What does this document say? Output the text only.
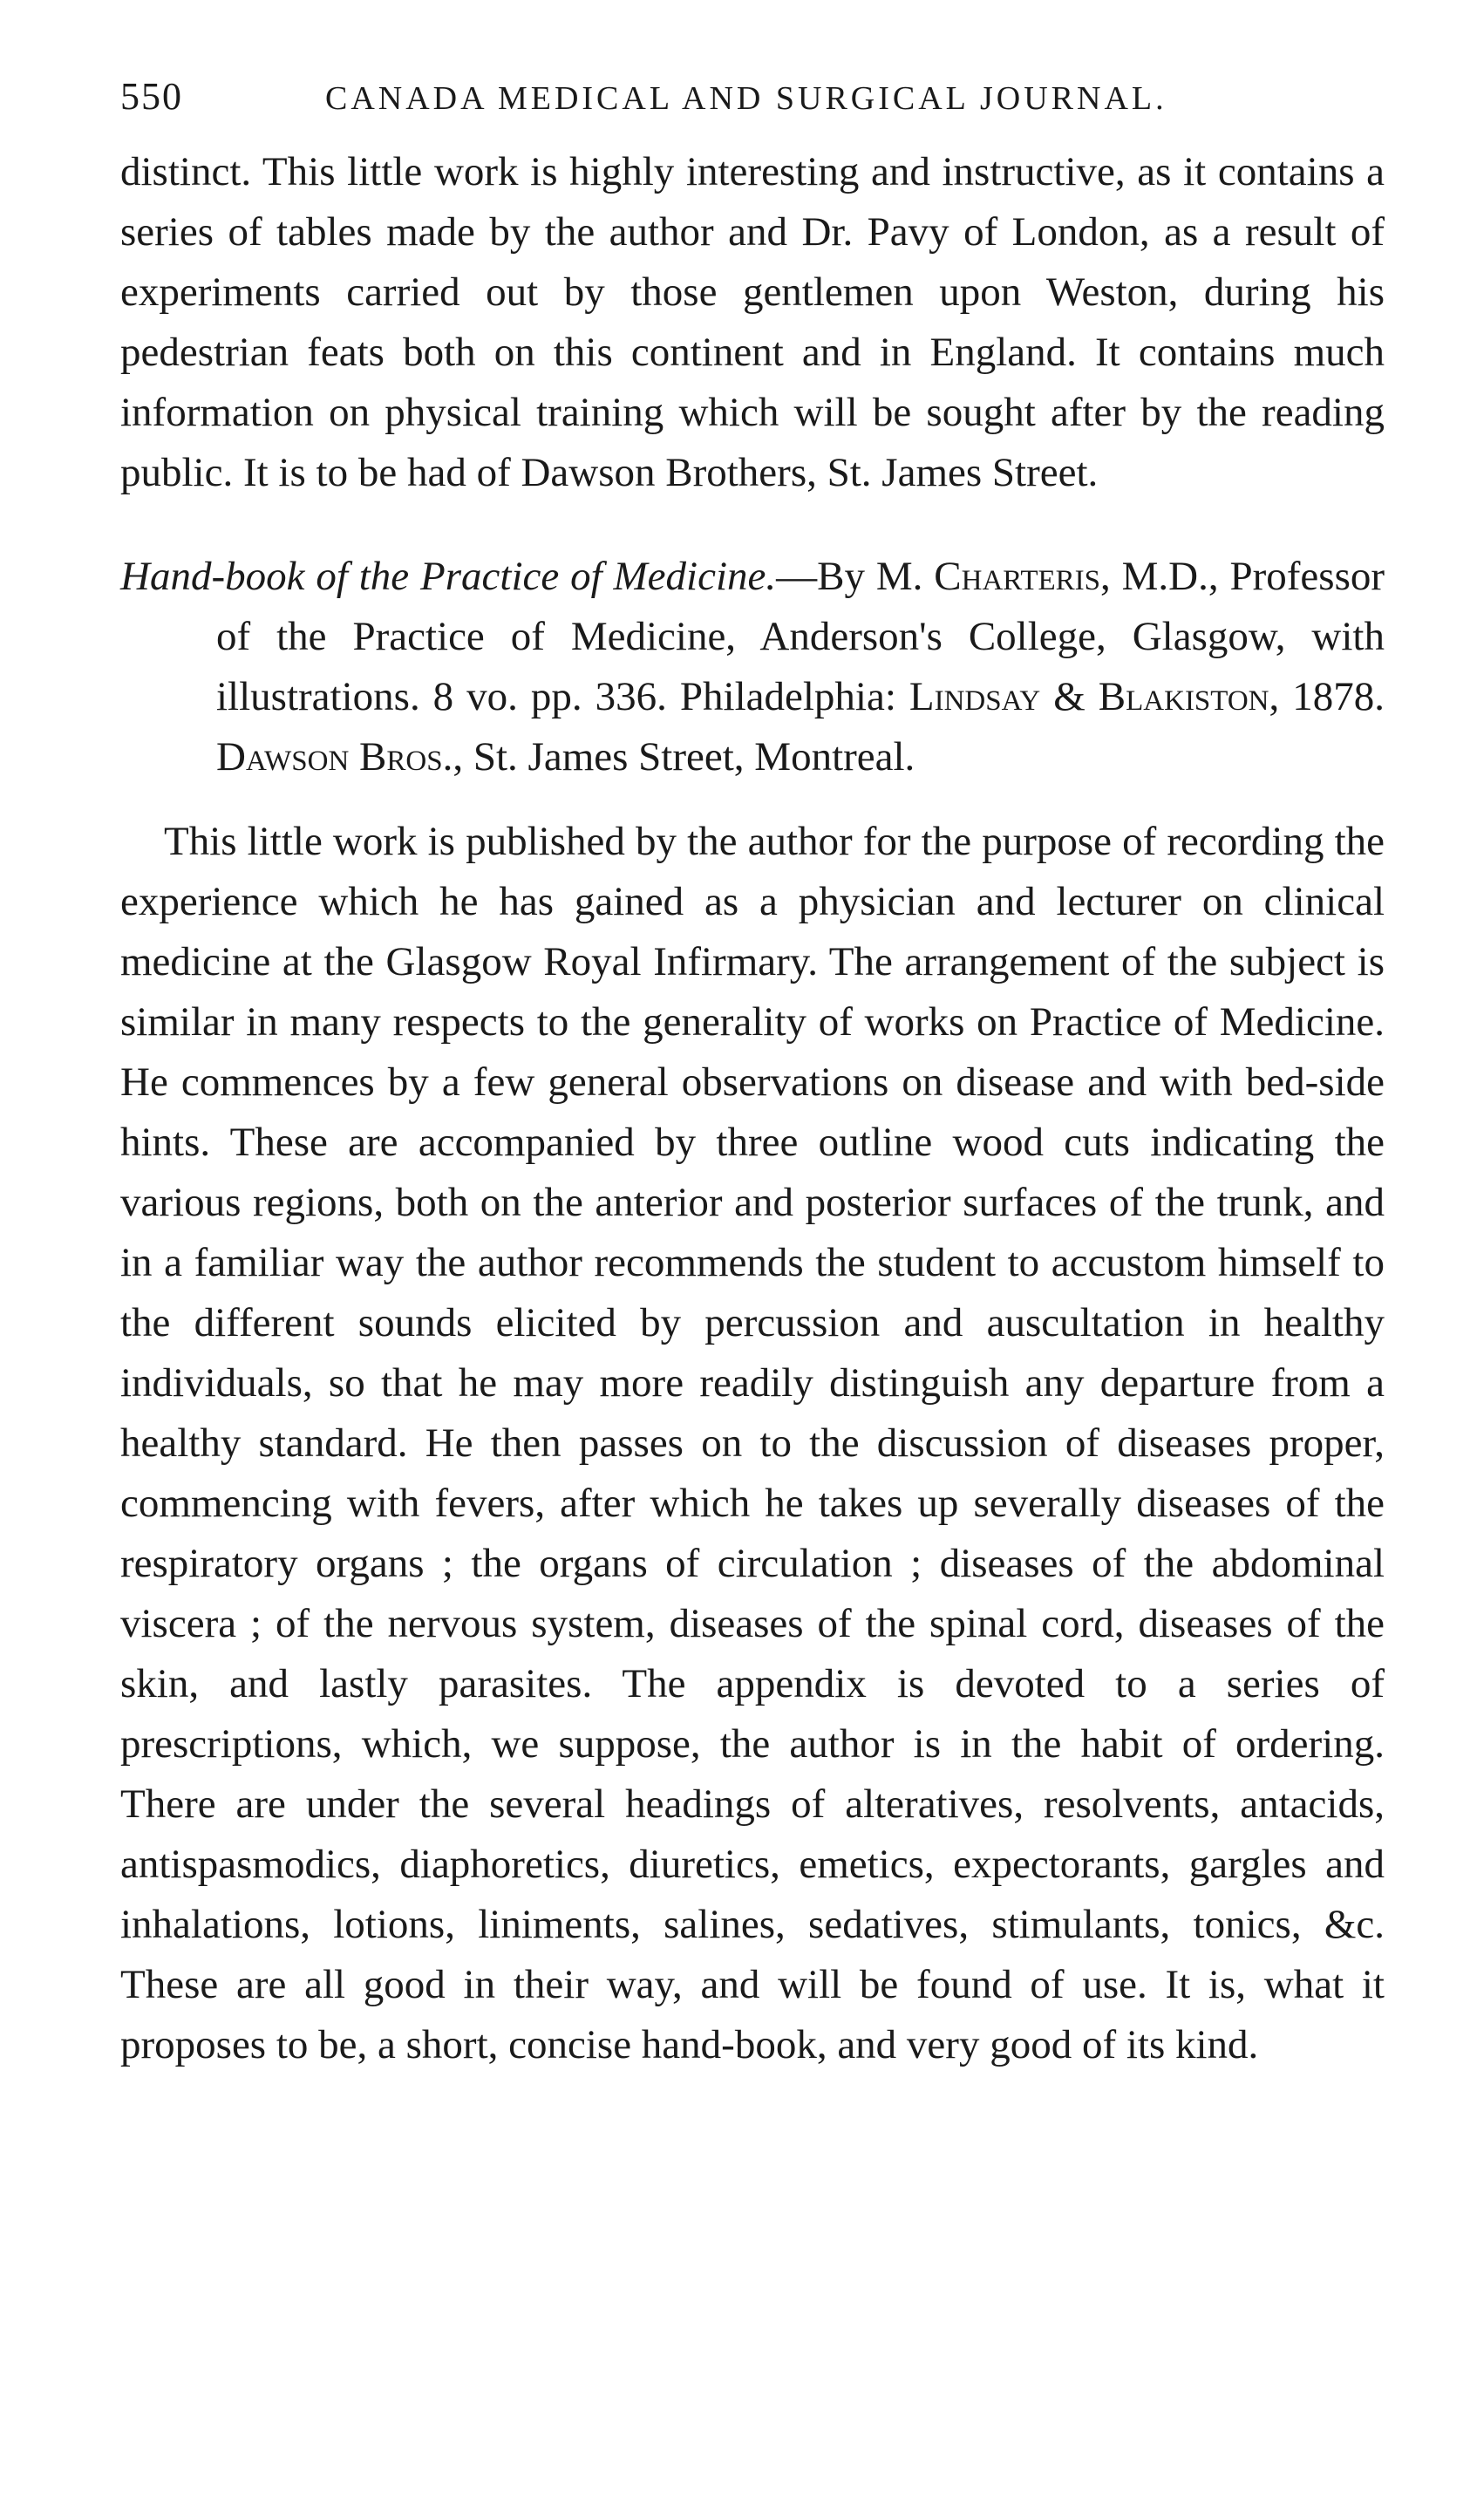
550	CANADA MEDICAL AND SURGICAL JOURNAL.

distinct. This little work is highly interesting and instructive, as it contains a series of tables made by the author and Dr. Pavy of London, as a result of experiments carried out by those gentlemen upon Weston, during his pedestrian feats both on this continent and in England. It contains much information on physical training which will be sought after by the reading public. It is to be had of Dawson Brothers, St. James Street.

Hand-book of the Practice of Medicine.—By M. Charteris, M.D., Professor of the Practice of Medicine, Anderson's College, Glasgow, with illustrations. 8 vo. pp. 336. Philadelphia: Lindsay & Blakiston, 1878. Dawson Bros., St. James Street, Montreal.

This little work is published by the author for the purpose of recording the experience which he has gained as a physician and lecturer on clinical medicine at the Glasgow Royal Infirmary. The arrangement of the subject is similar in many respects to the generality of works on Practice of Medicine. He commences by a few general observations on disease and with bed-side hints. These are accompanied by three outline wood cuts indicating the various regions, both on the anterior and posterior surfaces of the trunk, and in a familiar way the author recommends the student to accustom himself to the different sounds elicited by percussion and auscultation in healthy individuals, so that he may more readily distinguish any departure from a healthy standard. He then passes on to the discussion of diseases proper, commencing with fevers, after which he takes up severally diseases of the respiratory organs ; the organs of circulation ; diseases of the abdominal viscera ; of the nervous system, diseases of the spinal cord, diseases of the skin, and lastly parasites. The appendix is devoted to a series of prescriptions, which, we suppose, the author is in the habit of ordering. There are under the several headings of alteratives, resolvents, antacids, antispasmodics, diaphoretics, diuretics, emetics, expectorants, gargles and inhalations, lotions, liniments, salines, sedatives, stimulants, tonics, &c. These are all good in their way, and will be found of use. It is, what it proposes to be, a short, concise hand-book, and very good of its kind.
